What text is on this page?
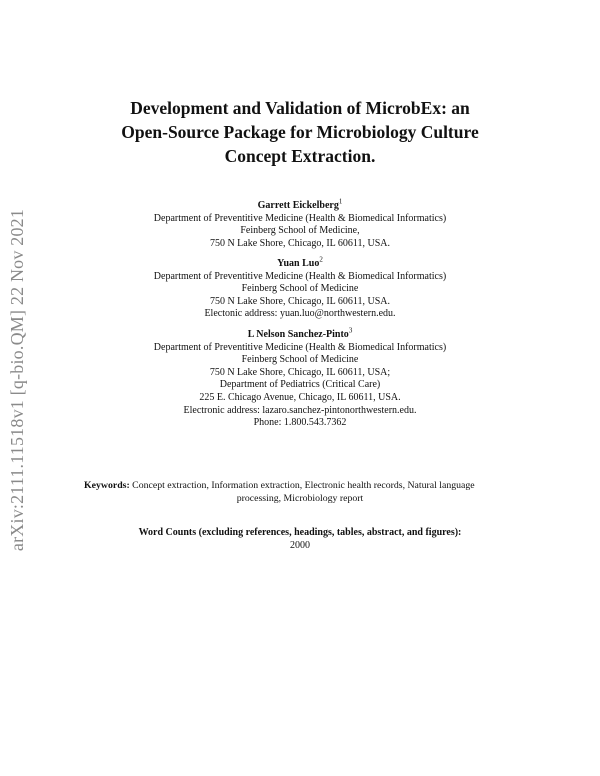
arXiv:2111.11518v1 [q-bio.QM] 22 Nov 2021
Development and Validation of MicrobEx: an
Open-Source Package for Microbiology Culture
Concept Extraction.
Garrett Eickelberg$^1$
Department of Preventitive Medicine (Health & Biomedical Informatics)
Feinberg School of Medicine,
750 N Lake Shore, Chicago, IL 60611, USA.
Yuan Luo$^2$
Department of Preventitive Medicine (Health & Biomedical Informatics)
Feinberg School of Medicine
750 N Lake Shore, Chicago, IL 60611, USA.
Electonic address: yuan.luo@northwestern.edu.
L Nelson Sanchez-Pinto$^3$
Department of Preventitive Medicine (Health & Biomedical Informatics)
Feinberg School of Medicine
750 N Lake Shore, Chicago, IL 60611, USA;
Department of Pediatrics (Critical Care)
225 E. Chicago Avenue, Chicago, IL 60611, USA.
Electronic address: lazaro.sanchez-pintonorthwestern.edu.
Phone: 1.800.543.7362
Keywords: Concept extraction, Information extraction, Electronic health records, Natural language
processing, Microbiology report
Word Counts (excluding references, headings, tables, abstract, and figures):
2000
